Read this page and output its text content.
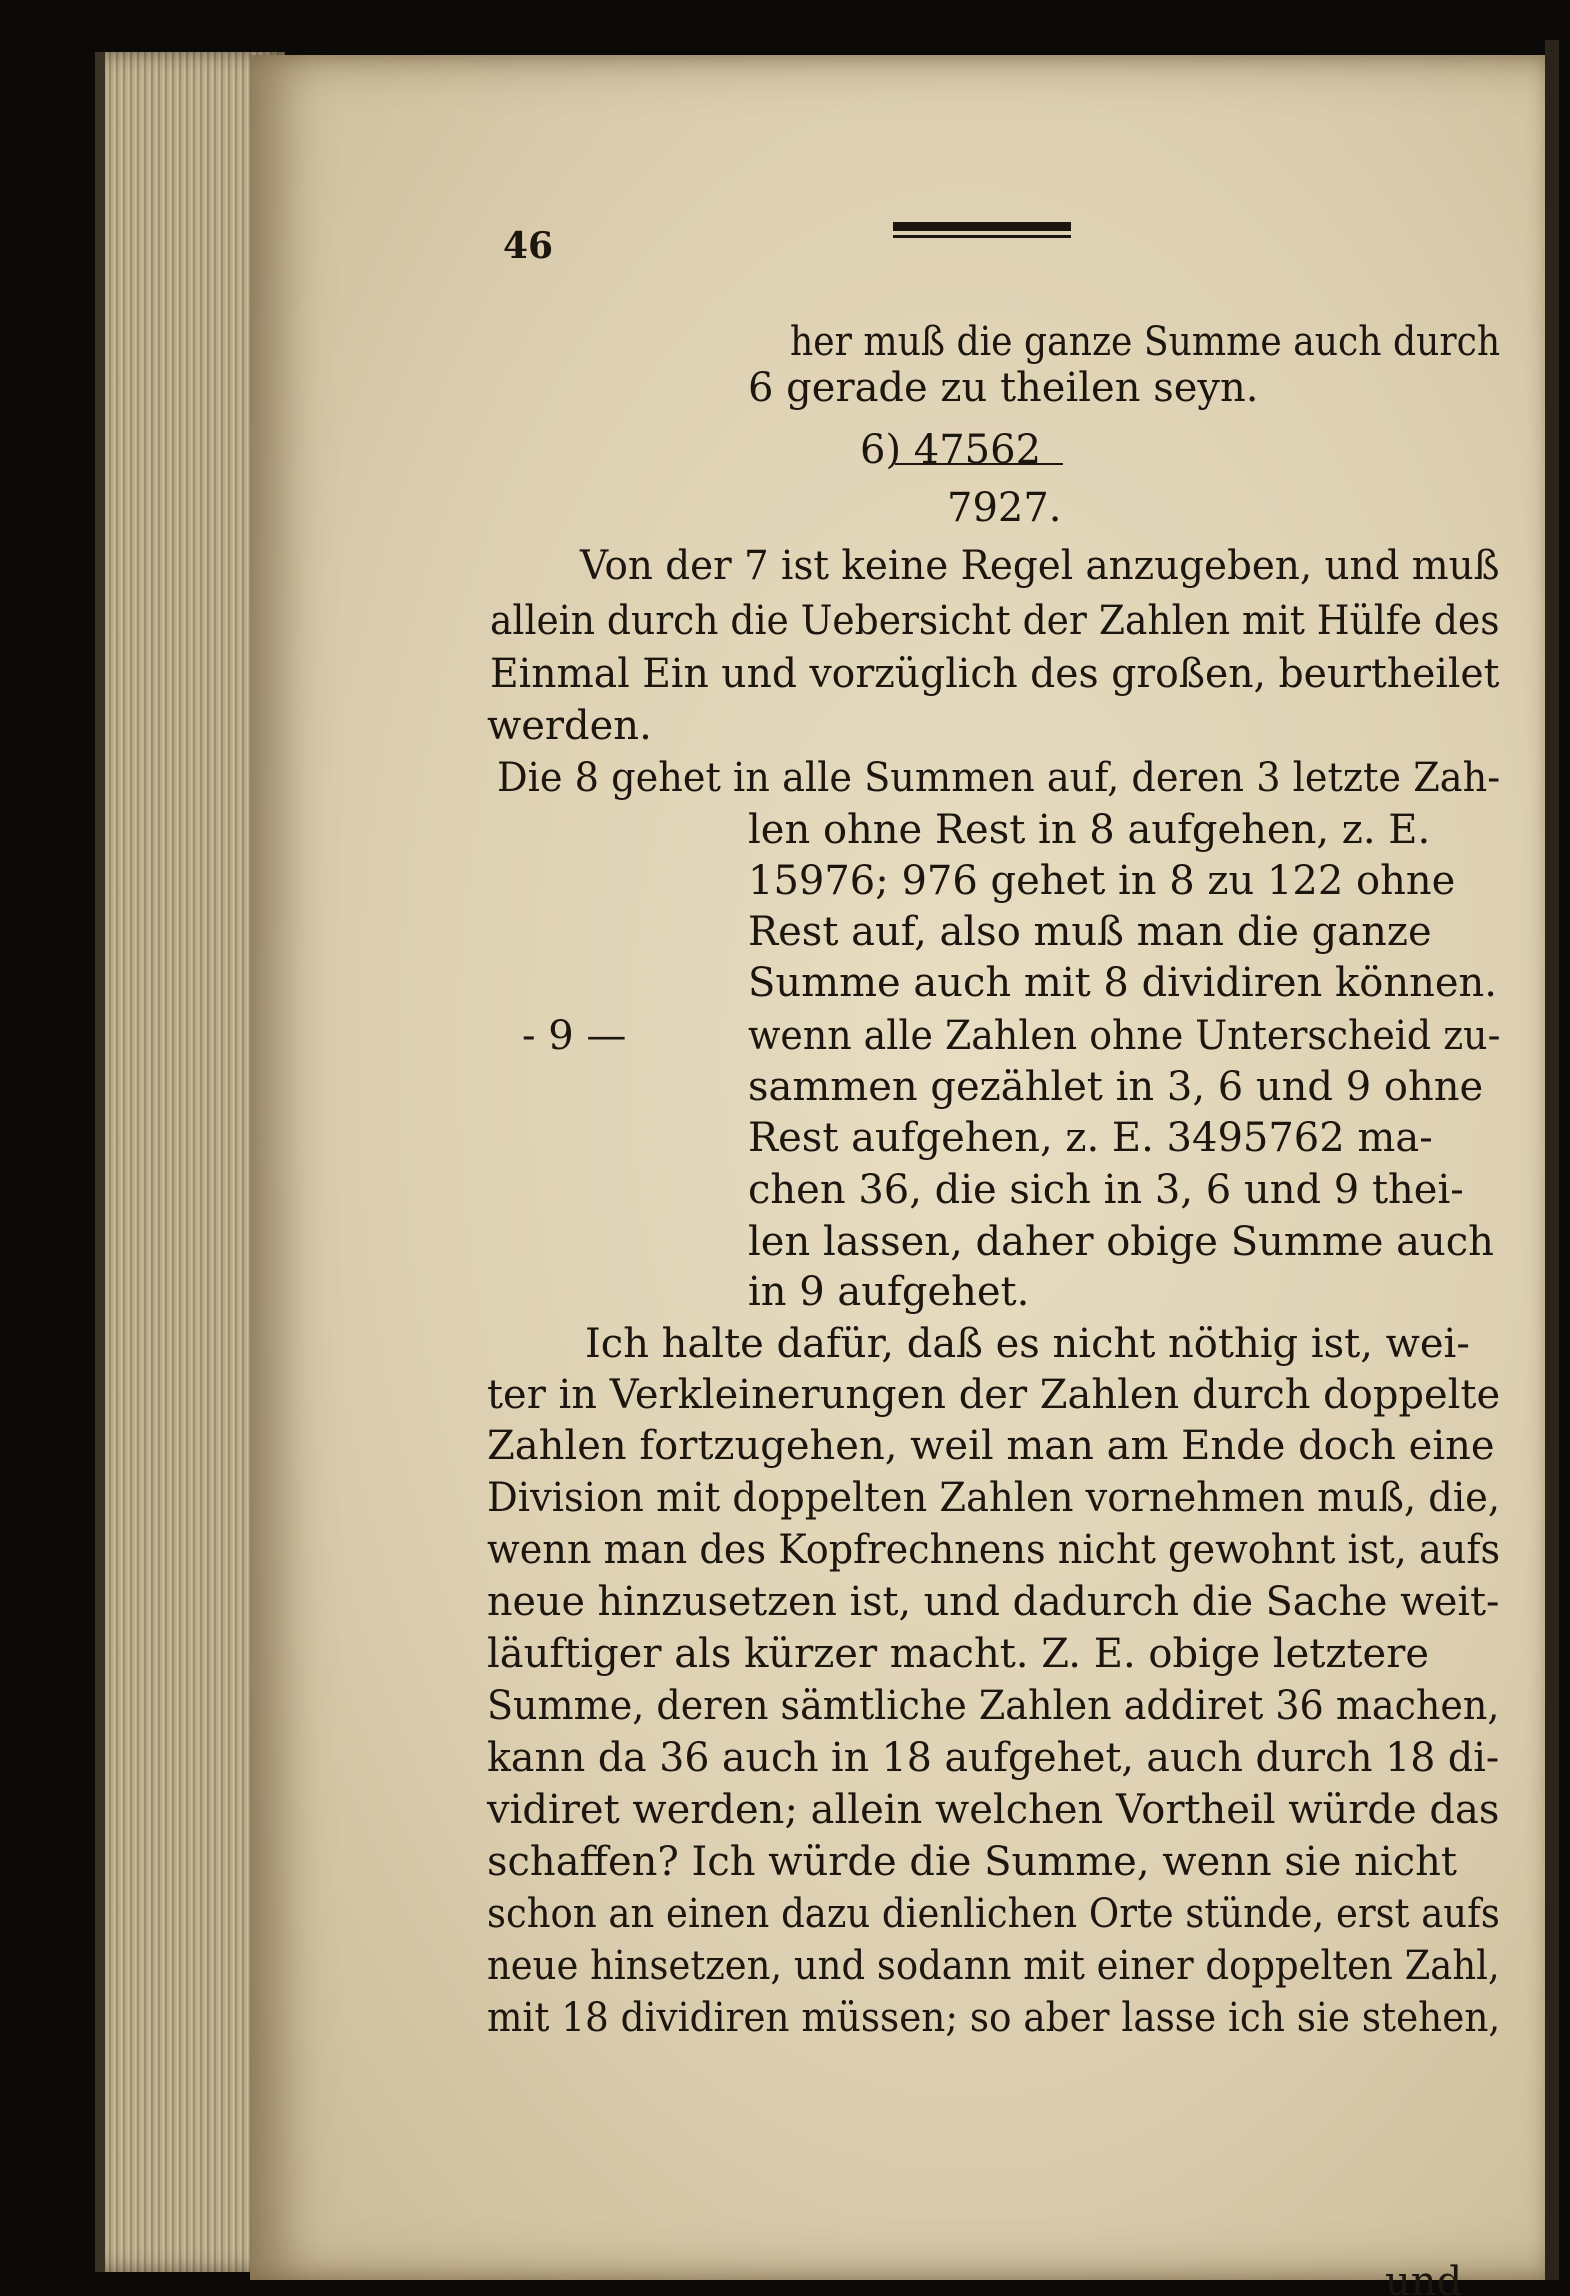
46
her muß die ganze Summe auch durch
6 gerade zu theilen seyn.
6) 47562
7927.
Von der 7 ist keine Regel anzugeben, und muß
allein durch die Uebersicht der Zahlen mit Hülfe des
Einmal Ein und vorzüglich des großen, beurtheilet
werden.
Die 8 gehet in alle Summen auf, deren 3 letzte Zah-
len ohne Rest in 8 aufgehen, z. E.
15976; 976 gehet in 8 zu 122 ohne
Rest auf, also muß man die ganze
Summe auch mit 8 dividiren können.
- 9 —	wenn alle Zahlen ohne Unterscheid zu-
sammen gezählet in 3, 6 und 9 ohne
Rest aufgehen, z. E. 3495762 ma-
chen 36, die sich in 3, 6 und 9 thei-
len lassen, daher obige Summe auch
in 9 aufgehet.
Ich halte dafür, daß es nicht nöthig ist, wei-
ter in Verkleinerungen der Zahlen durch doppelte
Zahlen fortzugehen, weil man am Ende doch eine
Division mit doppelten Zahlen vornehmen muß, die,
wenn man des Kopfrechnens nicht gewohnt ist, aufs
neue hinzusetzen ist, und dadurch die Sache weit-
läuftiger als kürzer macht. Z. E. obige letztere
Summe, deren sämtliche Zahlen addiret 36 machen,
kann da 36 auch in 18 aufgehet, auch durch 18 di-
vidiret werden; allein welchen Vortheil würde das
schaffen? Ich würde die Summe, wenn sie nicht
schon an einen dazu dienlichen Orte stünde, erst aufs
neue hinsetzen, und sodann mit einer doppelten Zahl,
mit 18 dividiren müssen; so aber lasse ich sie stehen,
und
